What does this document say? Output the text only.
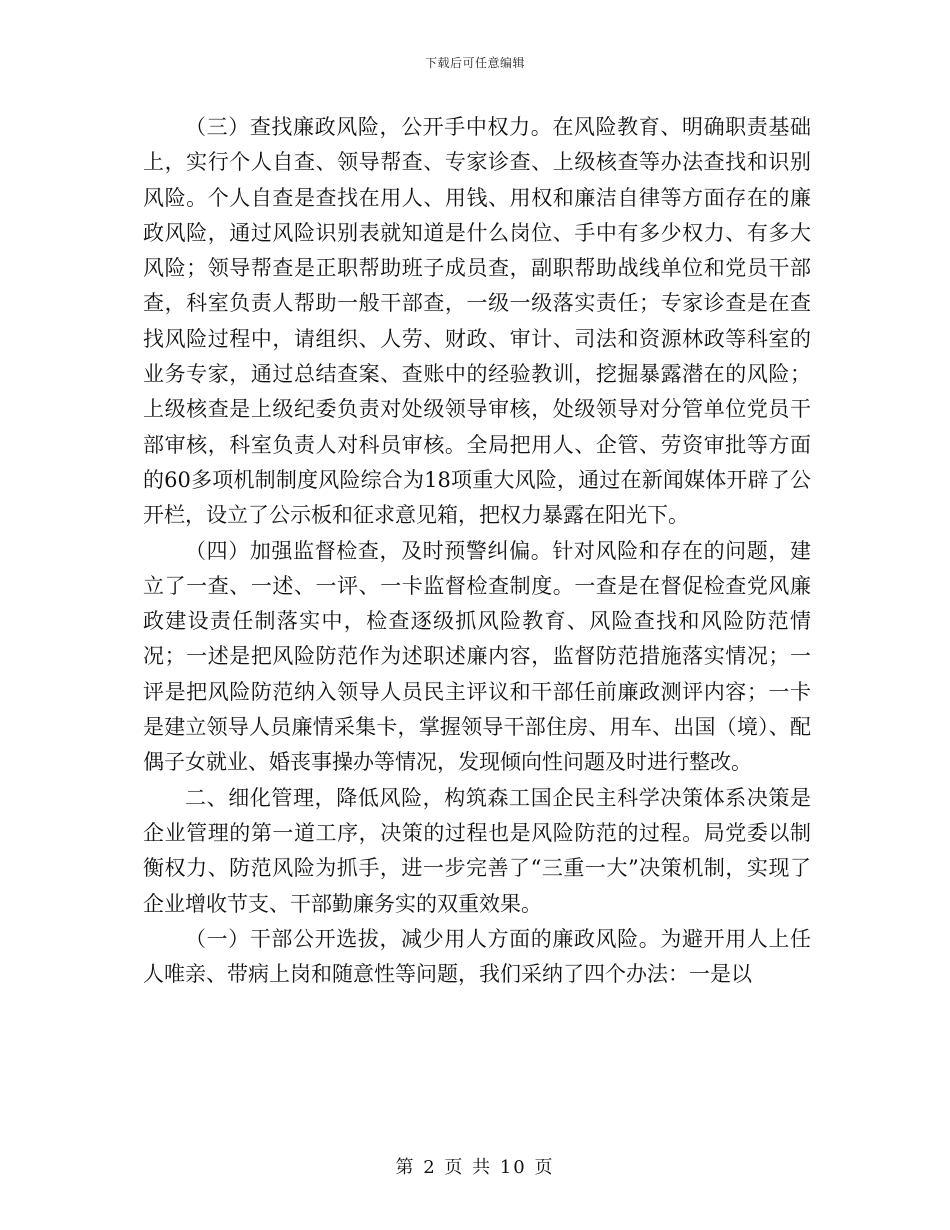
下载后可任意编辑

（三）查找廉政风险，公开手中权力。在风险教育、明确职责基础上，实行个人自查、领导帮查、专家诊查、上级核查等办法查找和识别风险。个人自查是查找在用人、用钱、用权和廉洁自律等方面存在的廉政风险，通过风险识别表就知道是什么岗位、手中有多少权力、有多大风险；领导帮查是正职帮助班子成员查，副职帮助战线单位和党员干部查，科室负责人帮助一般干部查，一级一级落实责任；专家诊查是在查找风险过程中，请组织、人劳、财政、审计、司法和资源林政等科室的业务专家，通过总结查案、查账中的经验教训，挖掘暴露潜在的风险；上级核查是上级纪委负责对处级领导审核，处级领导对分管单位党员干部审核，科室负责人对科员审核。全局把用人、企管、劳资审批等方面的60多项机制制度风险综合为18项重大风险，通过在新闻媒体开辟了公开栏，设立了公示板和征求意见箱，把权力暴露在阳光下。

（四）加强监督检查，及时预警纠偏。针对风险和存在的问题，建立了一查、一述、一评、一卡监督检查制度。一查是在督促检查党风廉政建设责任制落实中，检查逐级抓风险教育、风险查找和风险防范情况；一述是把风险防范作为述职述廉内容，监督防范措施落实情况；一评是把风险防范纳入领导人员民主评议和干部任前廉政测评内容；一卡是建立领导人员廉情采集卡，掌握领导干部住房、用车、出国（境）、配偶子女就业、婚丧事操办等情况，发现倾向性问题及时进行整改。

二、细化管理，降低风险，构筑森工国企民主科学决策体系决策是企业管理的第一道工序，决策的过程也是风险防范的过程。局党委以制衡权力、防范风险为抓手，进一步完善了“三重一大”决策机制，实现了企业增收节支、干部勤廉务实的双重效果。

（一）干部公开选拔，减少用人方面的廉政风险。为避开用人上任人唯亲、带病上岗和随意性等问题，我们采纳了四个办法：一是以

第 2 页 共 10 页
